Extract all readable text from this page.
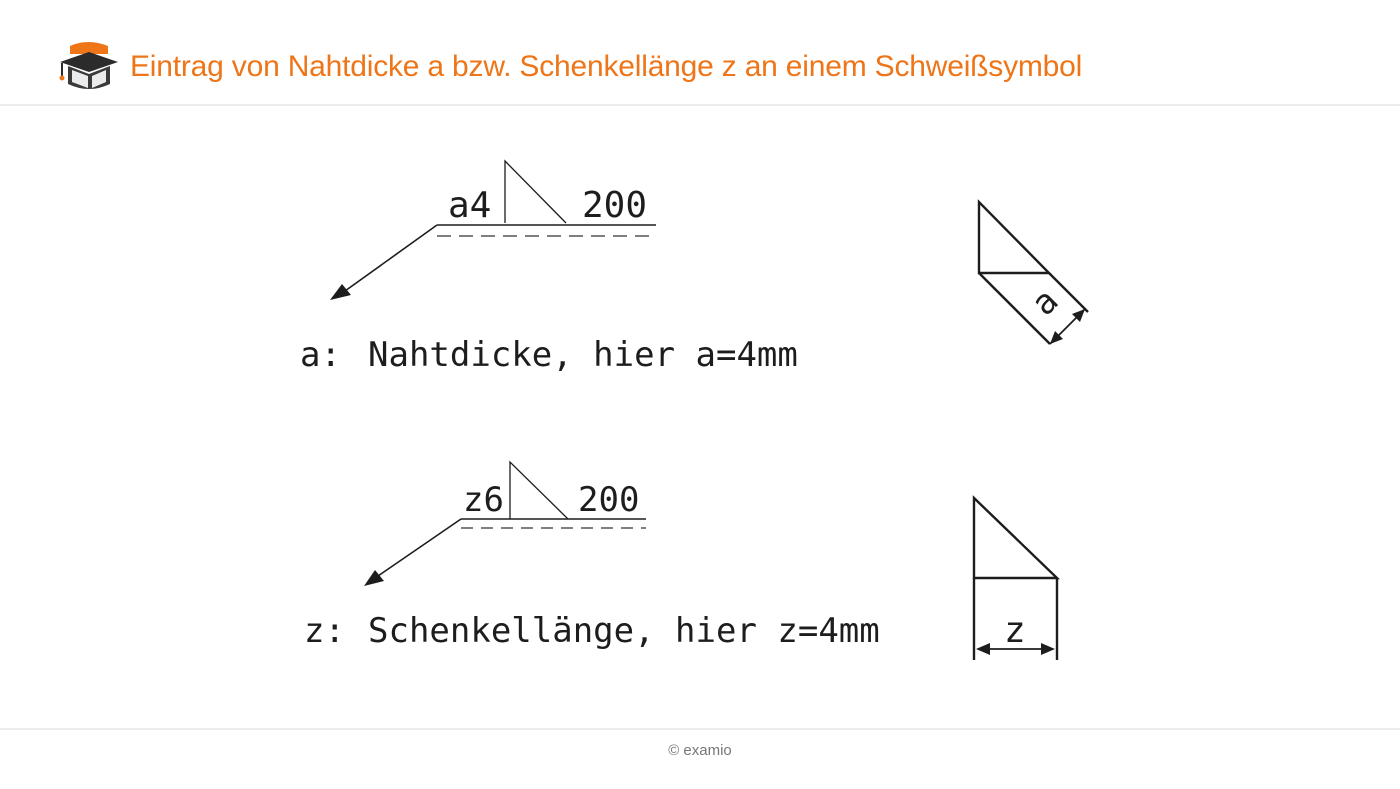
Eintrag von Nahtdicke a bzw. Schenkellänge z an einem Schweißsymbol
a4	200
a: Nahtdicke, hier a=4mm
a
z6 200
z: Schenkellänge, hier z=4mm	z
© examio
